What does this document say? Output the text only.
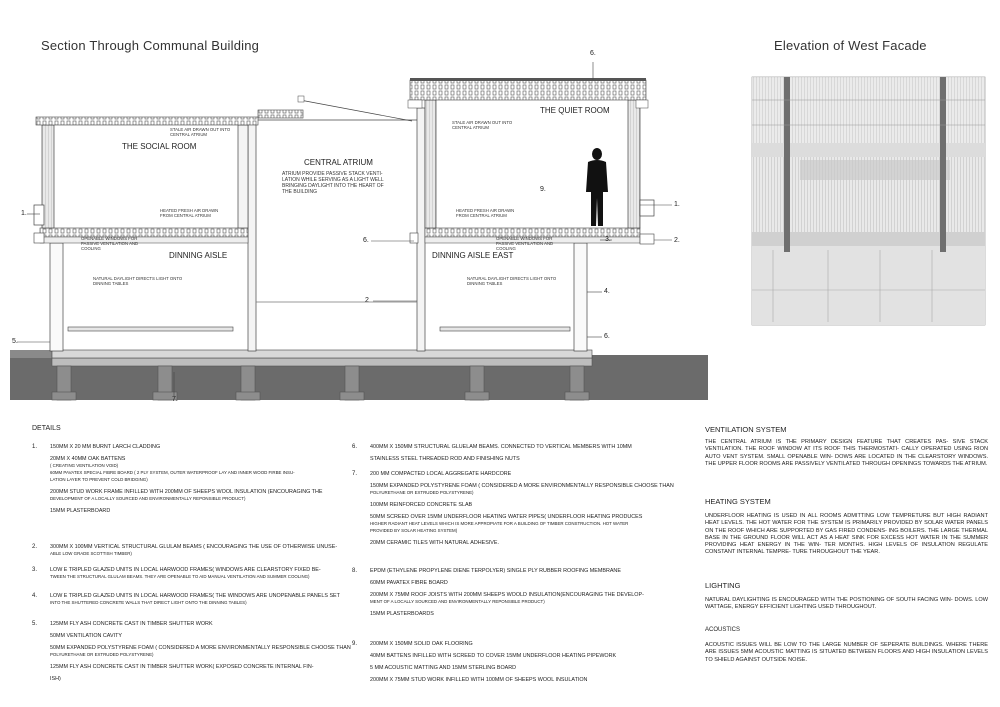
Section Through Communal Building	Elevation of West Facade
THE SOCIAL ROOM
CENTRAL ATRIUM
THE QUIET ROOM
DINNING AISLE	DINNING AISLE EAST
STALE AIR DRAWN OUT INTO
CENTRAL ATRIUM
ATRIUM PROVIDE PASSIVE STACK VENTI-
LATION WHILE SERVING AS A LIGHT WELL
BRINGING DAYLIGHT INTO THE HEART OF
THE BUILDING
STALE AIR DRAWN OUT INTO
CENTRAL ATRIUM
HEATED FRESH AIR DRAWN
FROM CENTRAL ATRIUM
HEATED FRESH AIR DRAWN
FROM CENTRAL ATRIUM
OPENABLE WINDOWS FOR
PASSIVE VENTILATION AND
COOLING
OPENABLE WINDOWS FOR
PASSIVE VENTILATION AND
COOLING
NATURAL DAYLIGHT DIRECTS LIGHT ONTO
DINNING TABLES
NATURAL DAYLIGHT DIRECTS LIGHT ONTO
DINNING TABLES
1.
1.
2
2.
3.
4.
5.
6.
6.
6.
7.
9.
DETAILS
1. 150MM X 20 MM BURNT LARCH CLADDING
20MM X 40MM OAK BATTENS
( CREATING VENTILATION VOID)
60MM PAVATEX SPECIAL FIBRE BOARD ( 2 PLY SYSTEM, OUTER WATERPROOF LAY AND INNER WOOD FIRBE INSU-
LATION LAYER TO PREVENT COLD BRIDGING)
200MM STUD WORK FRAME INFILLED WITH 200MM OF SHEEPS WOOL INSULATION (ENCOURAGING THE
DEVELOPMENT OF A LOCALLY SOURCED AND ENVIRONMENTALLY REPONSIBLE PRODUCT)
15MM PLASTERBOARD
2. 300MM X 100MM VERTICAL STRUCTURAL GLULAM BEAMS ( ENCOURAGING THE USE OF OTHERWISE UNUSE-
ABLE LOW GRADE SCOTTISH TIMBER)
3. LOW E TRIPLED GLAZED UNITS IN LOCAL HARWOOD FRAMES( WINDOWS ARE CLEARSTORY FIXED BE-
TWEEN THE STRUCTURAL GLULAM BEAMS. THEY ARE OPENABLE TO AID MANUAL VENTILATION AND SUMMER COOLING)
4. LOW E TRIPLED GLAZED UNITS IN LOCAL HARWOOD FRAMES( THE WINDOWS ARE UNOPENABLE PANELS SET
INTO THE SHUTTERED CONCRETE WALLS THAT DIRECT LIGHT ONTO THE DINNING TABLES)
5. 125MM FLY ASH CONCRETE CAST IN TIMBER SHUTTER WORK
50MM VENTILATION CAVITY
50MM EXPANDED POLYSTYRENE FOAM ( CONSIDERED A MORE ENVIRONMENTALLY RESPONSIBLE CHOOSE THAN
POLYURETHANE OR EXTRUDED POLYSTYRENE)
125MM FLY ASH CONCRETE CAST IN TIMBER SHUTTER WORK( EXPOSED CONCRETE INTERNAL FIN-
ISH)
6. 400MM X 150MM STRUCTURAL GLUELAM BEAMS. CONNECTED TO VERTICAL MEMBERS WITH 10MM
STAINLESS STEEL THREADED ROD AND FINISHING NUTS
7. 200 MM COMPACTED LOCAL AGGREGATE HARDCORE
150MM EXPANDED POLYSTYRENE FOAM ( CONSIDERED A MORE ENVIRONMENTALLY RESPONSIBLE CHOOSE THAN
POLYURETHANE OR EXTRUDED POLYSTYRENE)
100MM REINFORCED CONCRETE SLAB
50MM SCREED OVER 15MM UNDERFLOOR HEATING WATER PIPES( UNDERFLOOR HEATING PRODUCES
HIGHER RADIANT HEAT LEVELS WHICH IS MORE APPROPIATE FOR A BUILDING OF TIMBER CONSTRUCTION. HOT WATER
PROVIDED BY SOLAR HEATING SYSTEM)
20MM CERAMIC TILES WITH NATURAL ADHESIVE.
8. EPDM (ETHYLENE PROPYLENE DIENE TERPOLYER) SINGLE PLY RUBBER ROOFING MEMBRANE
60MM PAVATEX FIBRE BOARD
200MM X 75MM ROOF JOISTS WITH 200MM SHEEPS WOOLD INSULATION(ENCOURAGING THE DEVELOP-
MENT OF A LOCALLY SOURCED AND ENVIRONMENTALLY REPONSIBLE PRODUCT)
15MM PLASTERBOARDS
9. 200MM X 150MM SOLID OAK FLOORING
40MM BATTENS INFILLED WITH SCREED TO COVER 15MM UNDERFLOOR HEATING PIPEWORK
5 MM ACOUSTIC MATTING AND 15MM STERLING BOARD
200MM X 75MM STUD WORK INFILLED WITH 100MM OF SHEEPS WOOL INSULATION
VENTILATION SYSTEM
THE CENTRAL ATRIUM IS THE PRIMARY DESIGN FEATURE THAT CREATES PAS- SIVE STACK VENTILATION. THE ROOF WINDOW AT ITS ROOF THIS THERMOSTATI- CALLY OPERATED USING RION AUTO VENT SYSTEM. SMALL OPENABLE WIN- DOWS ARE LOCATED IN THE CLEARSTORY WINDOWS. THE UPPER FLOOR ROOMS ARE PASSIVELY VENTILATED THROUGH OPENINGS TOWARDS THE ATRIUM.
HEATING SYSTEM
UNDERFLOOR HEATING IS USED IN ALL ROOMS ADMITTING LOW TEMPRETURE BUT HIGH RADIANT HEAT LEVELS. THE HOT WATER FOR THE SYSTEM IS PRIMARILY PROVIDED BY SOLAR WATER PANELS ON THE ROOF WHICH ARE SUPPORTED BY GAS FIRED CONDENS- ING BOILERS. THE LARGE THERMAL BASE IN THE GROUND FLOOR WILL ACT AS A HEAT SINK FOR EXCESS HOT WATER IN THE SUMMER PROVIDING HEAT ENERGY IN THE WIN- TER MONTHS. HIGH LEVELS OF INSULATION REGULATE CONSTANT INTERNAL TEMPRE- TURE THROUGHOUT THE YEAR.
LIGHTING
NATURAL DAYLIGHTING IS ENCOURAGED WITH THE POSTIONING OF SOUTH FACING WIN- DOWS. LOW WATTAGE, ENERGY EFFICIENT LIGHTING USED THROUGHOUT.
ACOUSTICS
ACOUSTIC ISSUES WILL BE LOW TO THE LARGE NUMBER OF SEPERATE BUILDINGS. WHERE THERE ARE ISSUES 5MM ACOUSTIC MATTING IS SITUATED BETWEEN FLOORS AND HIGH INSULATION LEVELS TO SHIELD AGAINST OUTSIDE NOISE.
